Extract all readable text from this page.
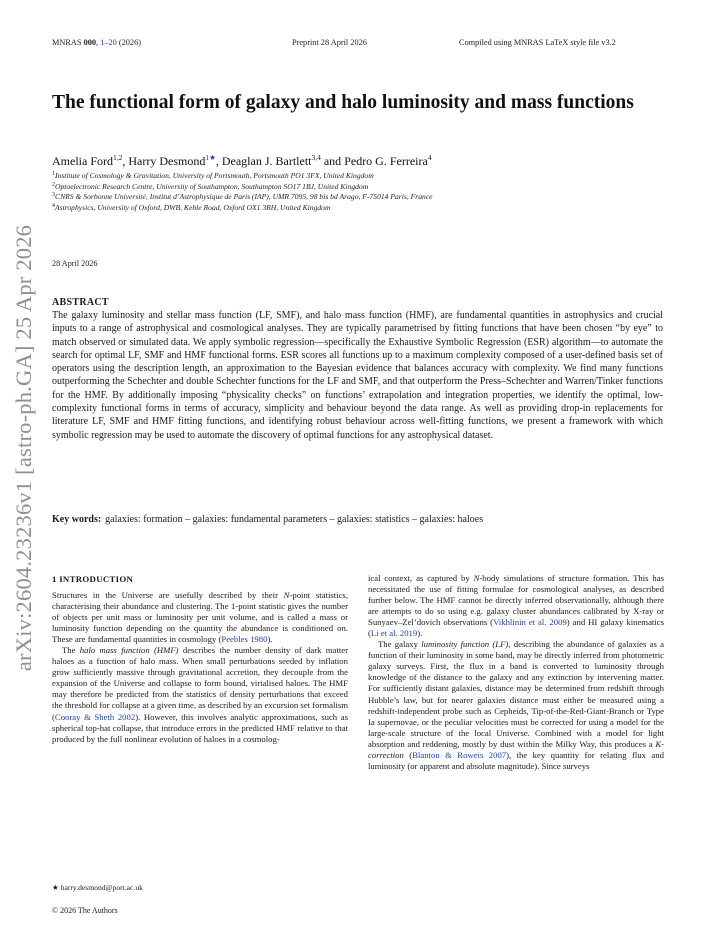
MNRAS 000, 1–20 (2026)	Preprint 28 April 2026	Compiled using MNRAS LaTeX style file v3.2
arXiv:2604.23236v1 [astro-ph.GA] 25 Apr 2026
The functional form of galaxy and halo luminosity and mass functions
Amelia Ford$^{1,2}$, Harry Desmond$^{1★}$, Deaglan J. Bartlett$^{3,4}$ and Pedro G. Ferreira$^4$
$^1$Institute of Cosmology & Gravitation, University of Portsmouth, Portsmouth PO1 3FX, United Kingdom
$^2$Optoelectronic Research Centre, University of Southampton, Southampton SO17 1BJ, United Kingdom
$^3$CNRS & Sorbonne Université, Institut d’Astrophysique de Paris (IAP), UMR 7095, 98 bis bd Arago, F-75014 Paris, France
$^4$Astrophysics, University of Oxford, DWB, Keble Road, Oxford OX1 3RH, United Kingdom
28 April 2026
ABSTRACT
The galaxy luminosity and stellar mass function (LF, SMF), and halo mass function (HMF), are fundamental quantities in astrophysics and crucial inputs to a range of astrophysical and cosmological analyses. They are typically parametrised by fitting functions that have been chosen “by eye” to match observed or simulated data. We apply symbolic regression—specifically the Exhaustive Symbolic Regression (ESR) algorithm—to automate the search for optimal LF, SMF and HMF functional forms. ESR scores all functions up to a maximum complexity composed of a user-defined basis set of operators using the description length, an approximation to the Bayesian evidence that balances accuracy with complexity. We find many functions outperforming the Schechter and double Schechter functions for the LF and SMF, and that outperform the Press–Schechter and Warren/Tinker functions for the HMF. By additionally imposing “physicality checks” on functions’ extrapolation and integration properties, we identify the optimal, low-complexity functional forms in terms of accuracy, simplicity and behaviour beyond the data range. As well as providing drop-in replacements for literature LF, SMF and HMF fitting functions, and identifying robust behaviour across well-fitting functions, we present a framework with which symbolic regression may be used to automate the discovery of optimal functions for any astrophysical dataset.
Key words: galaxies: formation – galaxies: fundamental parameters – galaxies: statistics – galaxies: haloes
1 INTRODUCTION

Structures in the Universe are usefully described by their N-point statistics, characterising their abundance and clustering. The 1-point statistic gives the number of objects per unit mass or luminosity per unit volume, and is called a mass or luminosity function depending on the quantity the abundance is conditioned on. These are fundamental quantities in cosmology (Peebles 1980).

The halo mass function (HMF) describes the number density of dark matter haloes as a function of halo mass. When small perturbations seeded by inflation grow sufficiently massive through gravitational accretion, they decouple from the expansion of the Universe and collapse to form bound, virialised haloes. The HMF may therefore be predicted from the statistics of density perturbations that exceed the threshold for collapse at a given time, as described by an excursion set formalism (Cooray & Sheth 2002). However, this involves analytic approximations, such as spherical top-hat collapse, that introduce errors in the predicted HMF relative to that produced by the full nonlinear evolution of haloes in a cosmolog-

ical context, as captured by N-body simulations of structure formation. This has necessitated the use of fitting formulae for cosmological analyses, as described further below. The HMF cannot be directly inferred observationally, although there are attempts to do so using e.g. galaxy cluster abundances calibrated by X-ray or Sunyaev–Zel’dovich observations (Vikhlinin et al. 2009) and HI galaxy kinematics (Li et al. 2019).

The galaxy luminosity function (LF), describing the abundance of galaxies as a function of their luminosity in some band, may be directly inferred from photometric galaxy surveys. First, the flux in a band is converted to luminosity through knowledge of the distance to the galaxy and any extinction by intervening matter. For sufficiently distant galaxies, distance may be determined from redshift through Hubble’s law, but for nearer galaxies distance must either be measured using a redshift-independent probe such as Cepheids, Tip-of-the-Red-Giant-Branch or Type Ia supernovae, or the peculiar velocities must be corrected for using a model for the large-scale structure of the local Universe. Combined with a model for light absorption and reddening, mostly by dust within the Milky Way, this produces a K-correction (Blanton & Roweis 2007), the key quantity for relating flux and luminosity (or apparent and absolute magnitude). Since surveys

★ harry.desmond@port.ac.uk
© 2026 The Authors
